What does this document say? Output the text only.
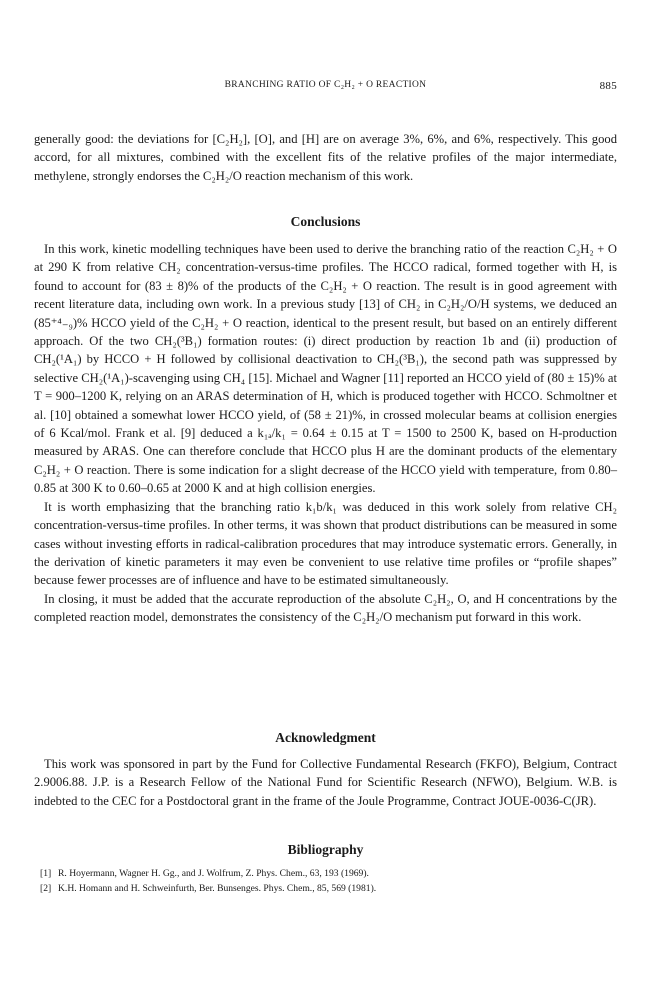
BRANCHING RATIO OF C₂H₂ + O REACTION	885

generally good: the deviations for [C₂H₂], [O], and [H] are on average 3%, 6%, and 6%, respectively. This good accord, for all mixtures, combined with the excellent fits of the relative profiles of the major intermediate, methylene, strongly endorses the C₂H₂/O reaction mechanism of this work.

Conclusions

In this work, kinetic modelling techniques have been used to derive the branching ratio of the reaction C₂H₂ + O at 290 K from relative CH₂ concentration-versus-time profiles. The HCCO radical, formed together with H, is found to account for (83 ± 8)% of the products of the C₂H₂ + O reaction. The result is in good agreement with recent literature data, including own work. In a previous study [13] of CH₂ in C₂H₂/O/H systems, we deduced an (85⁺⁴₋₉)% HCCO yield of the C₂H₂ + O reaction, identical to the present result, but based on an entirely different approach. Of the two CH₂(³B₁) formation routes: (i) direct production by reaction 1b and (ii) production of CH₂(¹A₁) by HCCO + H followed by collisional deactivation to CH₂(³B₁), the second path was suppressed by selective CH₂(¹A₁)-scavenging using CH₄ [15]. Michael and Wagner [11] reported an HCCO yield of (80 ± 15)% at T = 900–1200 K, relying on an ARAS determination of H, which is produced together with HCCO. Schmoltner et al. [10] obtained a somewhat lower HCCO yield, of (58 ± 21)%, in crossed molecular beams at collision energies of 6 Kcal/mol. Frank et al. [9] deduced a k₁ₐ/k₁ = 0.64 ± 0.15 at T = 1500 to 2500 K, based on H-production measured by ARAS. One can therefore conclude that HCCO plus H are the dominant products of the elementary C₂H₂ + O reaction. There is some indication for a slight decrease of the HCCO yield with temperature, from 0.80–0.85 at 300 K to 0.60–0.65 at 2000 K and at high collision energies.

It is worth emphasizing that the branching ratio k₁b/k₁ was deduced in this work solely from relative CH₂ concentration-versus-time profiles. In other terms, it was shown that product distributions can be measured in some cases without investing efforts in radical-calibration procedures that may introduce systematic errors. Generally, in the derivation of kinetic parameters it may even be convenient to use relative time profiles or “profile shapes” because fewer processes are of influence and have to be estimated simultaneously.

In closing, it must be added that the accurate reproduction of the absolute C₂H₂, O, and H concentrations by the completed reaction model, demonstrates the consistency of the C₂H₂/O mechanism put forward in this work.

Acknowledgment

This work was sponsored in part by the Fund for Collective Fundamental Research (FKFO), Belgium, Contract 2.9006.88. J.P. is a Research Fellow of the National Fund for Scientific Research (NFWO), Belgium. W.B. is indebted to the CEC for a Postdoctoral grant in the frame of the Joule Programme, Contract JOUE-0036-C(JR).

Bibliography

[1] R. Hoyermann, Wagner H. Gg., and J. Wolfrum, Z. Phys. Chem., 63, 193 (1969).

[2] K.H. Homann and H. Schweinfurth, Ber. Bunsenges. Phys. Chem., 85, 569 (1981).
